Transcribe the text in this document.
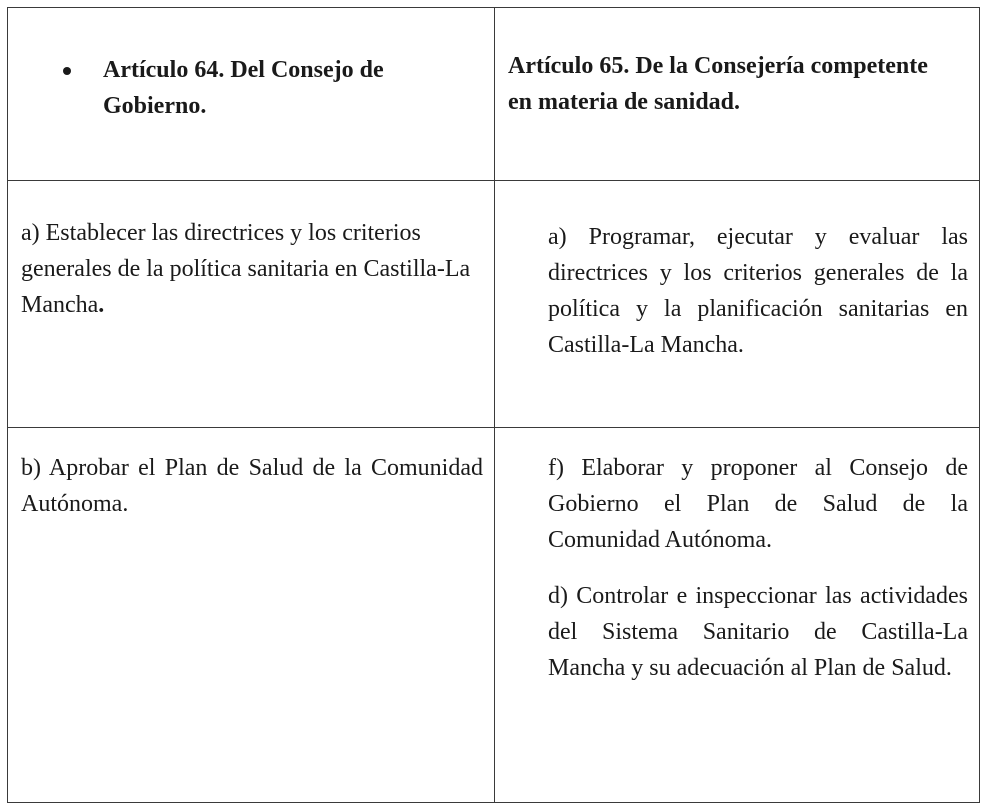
Artículo 64. Del Consejo de Gobierno.	Artículo 65. De la Consejería competente en materia de sanidad.

a) Establecer las directrices y los criterios generales de la política sanitaria en Castilla-La Mancha.	a) Programar, ejecutar y evaluar las directrices y los criterios generales de la política y la planificación sanitarias en Castilla-La Mancha.

b) Aprobar el Plan de Salud de la Comunidad Autónoma.	f) Elaborar y proponer al Consejo de Gobierno el Plan de Salud de la Comunidad Autónoma.
d) Controlar e inspeccionar las actividades del Sistema Sanitario de Castilla-La Mancha y su adecuación al Plan de Salud.
